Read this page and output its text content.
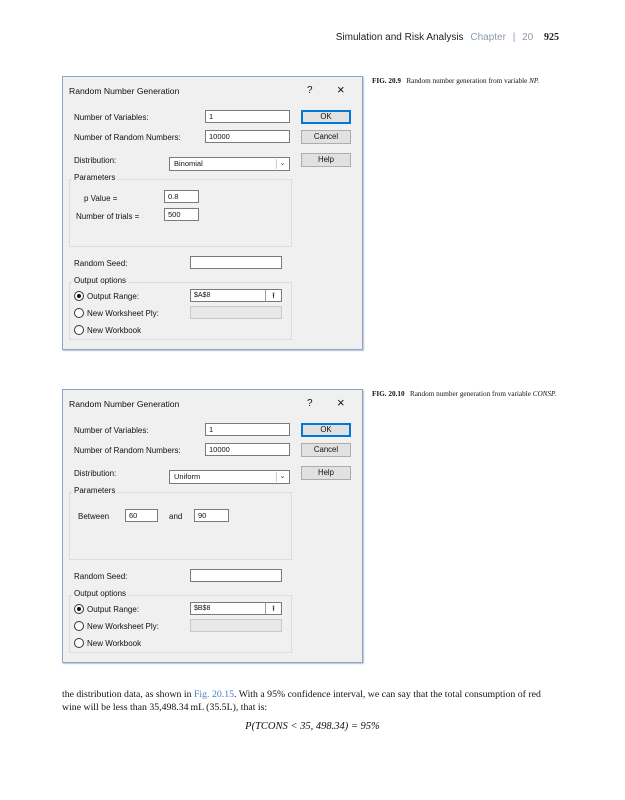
Simulation and Risk Analysis Chapter | 20 925
Random Number Generation	? ×
Number of Variables:	1	OK
Number of Random Numbers:	10000	Cancel
Distribution:	Binomial	⌄	Help
Parameters
p Value =	0.8
Number of trials =	500
Random Seed:
Output options
Output Range:	$A$8	⭱
New Worksheet Ply:
New Workbook
FIG. 20.9 Random number generation from variable NP.
Random Number Generation	? ×
Number of Variables:	1	OK
Number of Random Numbers:	10000	Cancel
Distribution:	Uniform	⌄	Help
Parameters
Between	60	and	90
Random Seed:
Output options
Output Range:	$B$8	⭱
New Worksheet Ply:
New Workbook
FIG. 20.10 Random number generation from variable CONSP.
the distribution data, as shown in Fig. 20.15. With a 95% confidence interval, we can say that the total consumption of red wine will be less than 35,498.34 mL (35.5L), that is:
P(TCONS < 35, 498.34) = 95%
